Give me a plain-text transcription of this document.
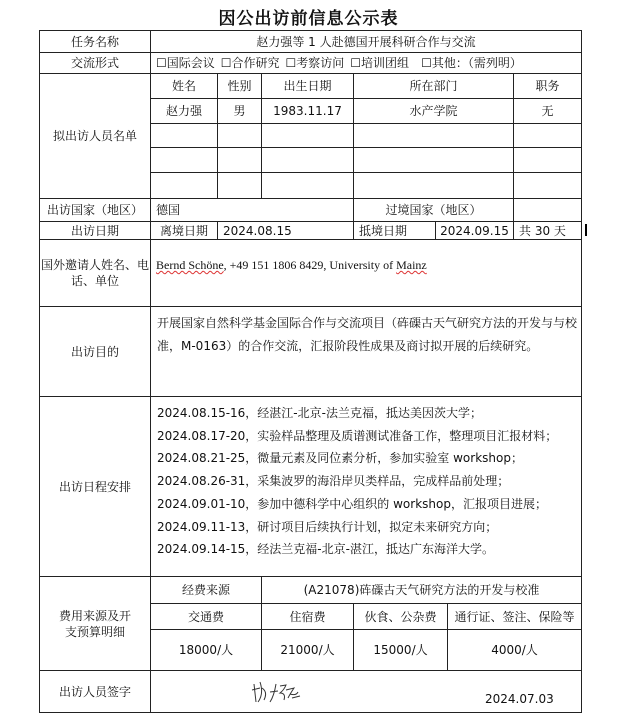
因公出访前信息公示表
任务名称	赵力强等 1 人赴德国开展科研合作与交流
交流形式	☐国际会议 ☐合作研究 ☐考察访问 ☐培训团组 ☐其他：（需列明）
拟出访人员名单
姓名	性别	出生日期	所在部门	职务
赵力强	男	1983.11.17	水产学院	无
出访国家（地区）	德国	过境国家（地区）
出访日期	离境日期	2024.08.15	抵境日期	2024.09.15 共 30 天
国外邀请人姓名、电话、单位
Bernd Schöne, +49 151 1806 8429, University of Mainz
出访目的
开展国家自然科学基金国际合作与交流项目（砗磲古天气研究方法的开发与与校准，M-0163）的合作交流，汇报阶段性成果及商讨拟开展的后续研究。
出访日程安排
2024.08.15-16，经湛江-北京-法兰克福，抵达美因茨大学；
2024.08.17-20，实验样品整理及质谱测试准备工作，整理项目汇报材料；
2024.08.21-25，微量元素及同位素分析，参加实验室 workshop；
2024.08.26-31，采集波罗的海沿岸贝类样品，完成样品前处理；
2024.09.01-10，参加中德科学中心组织的 workshop，汇报项目进展；
2024.09.11-13，研讨项目后续执行计划，拟定未来研究方向；
2024.09.14-15，经法兰克福-北京-湛江，抵达广东海洋大学。
费用来源及开支预算明细
经费来源	(A21078)砗磲古天气研究方法的开发与校准
交通费	住宿费	伙食、公杂费	通行证、签注、保险等
18000/人	21000/人	15000/人	4000/人
出访人员签字
2024.07.03
